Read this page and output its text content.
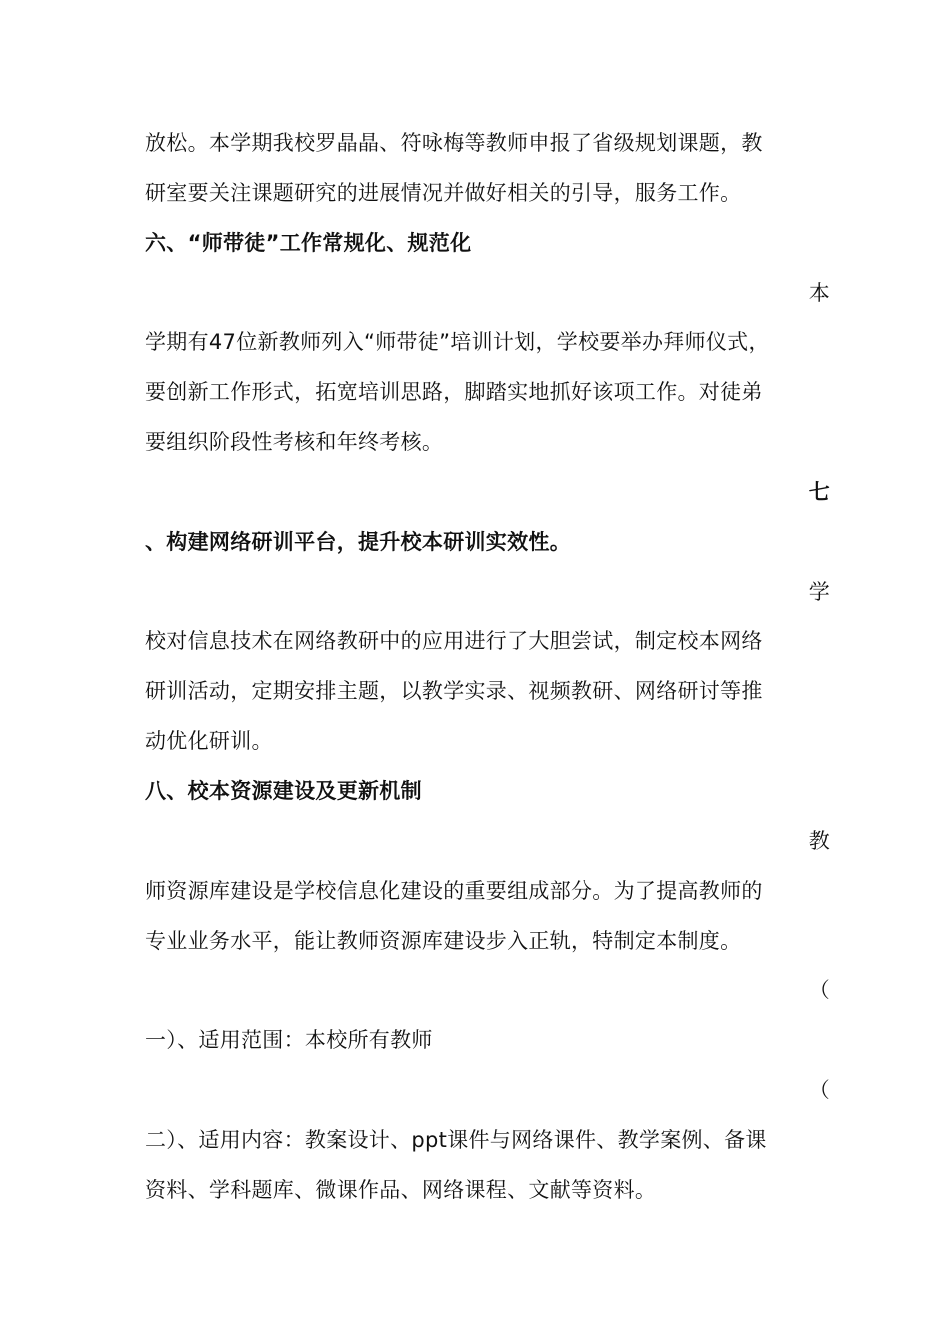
放松。本学期我校罗晶晶、符咏梅等教师申报了省级规划课题，教
研室要关注课题研究的进展情况并做好相关的引导，服务工作。
六、“师带徒”工作常规化、规范化
本
学期有47位新教师列入“师带徒”培训计划，学校要举办拜师仪式，
要创新工作形式，拓宽培训思路，脚踏实地抓好该项工作。对徒弟
要组织阶段性考核和年终考核。
七
、构建网络研训平台，提升校本研训实效性。
学
校对信息技术在网络教研中的应用进行了大胆尝试，制定校本网络
研训活动，定期安排主题，以教学实录、视频教研、网络研讨等推
动优化研训。
八、校本资源建设及更新机制
教
师资源库建设是学校信息化建设的重要组成部分。为了提高教师的
专业业务水平，能让教师资源库建设步入正轨，特制定本制度。
（
一）、适用范围：本校所有教师
（
二）、适用内容：教案设计、ppt课件与网络课件、教学案例、备课
资料、学科题库、微课作品、网络课程、文献等资料。
